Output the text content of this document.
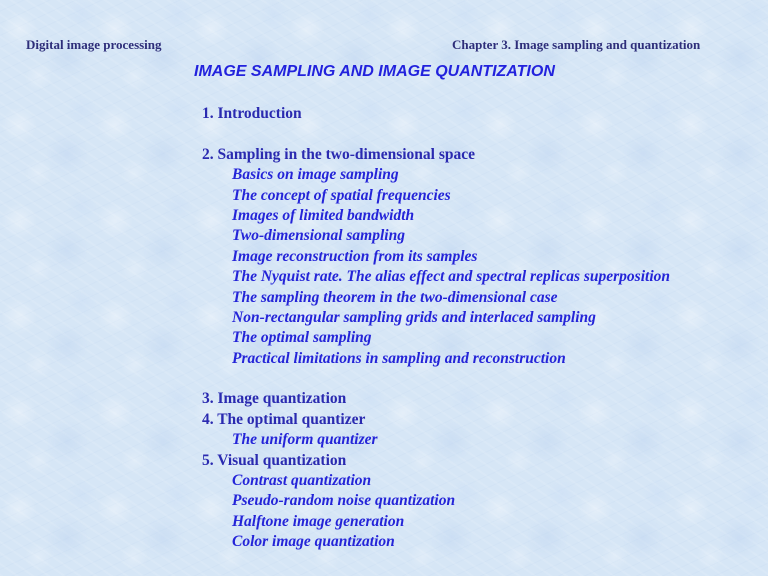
Digital image processing	Chapter 3. Image sampling and quantization
IMAGE SAMPLING AND IMAGE QUANTIZATION
1. Introduction
2. Sampling in the two-dimensional space
Basics on image sampling
The concept of spatial frequencies
Images of limited bandwidth
Two-dimensional sampling
Image reconstruction from its samples
The Nyquist rate. The alias effect and spectral replicas superposition
The sampling theorem in the two-dimensional case
Non-rectangular sampling grids and interlaced sampling
The optimal sampling
Practical limitations in sampling and reconstruction
3. Image quantization
4. The optimal quantizer
The uniform quantizer
5. Visual quantization
Contrast quantization
Pseudo-random noise quantization
Halftone image generation
Color image quantization
